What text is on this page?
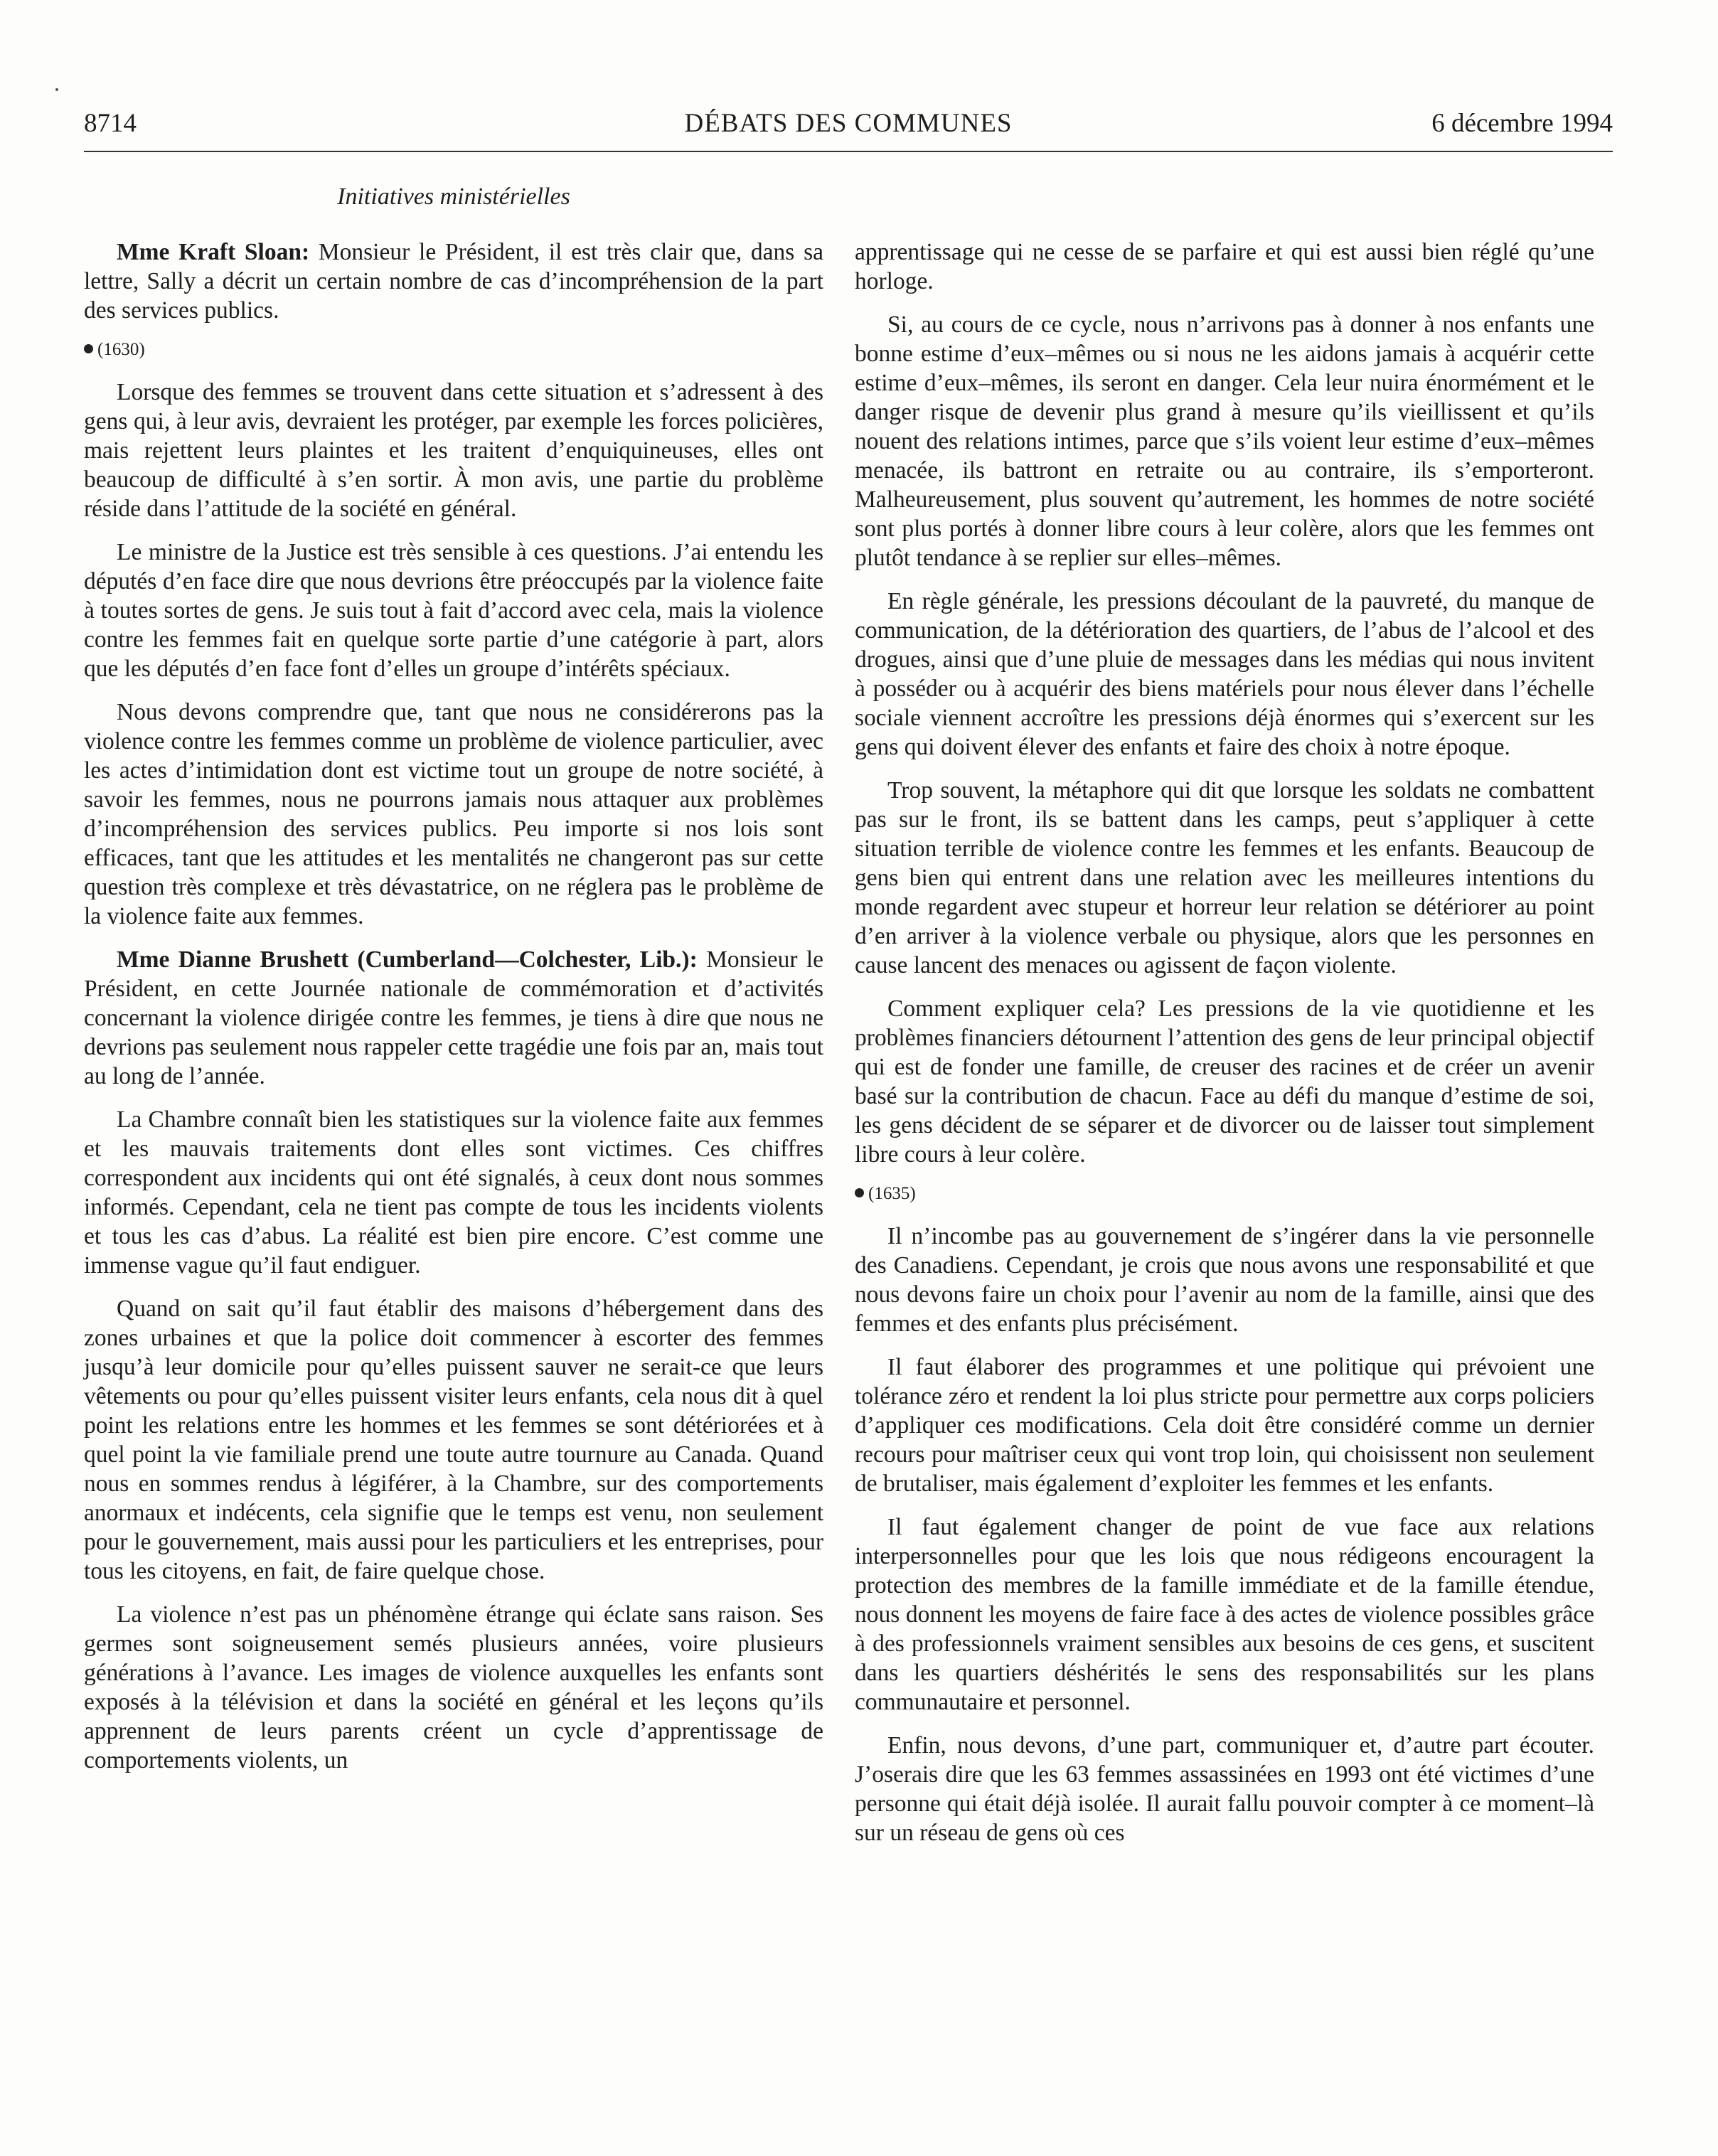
8714	DÉBATS DES COMMUNES	6 décembre 1994
Initiatives ministérielles

Mme Kraft Sloan: Monsieur le Président, il est très clair que, dans sa lettre, Sally a décrit un certain nombre de cas d’incompréhension de la part des services publics.

(1630)

Lorsque des femmes se trouvent dans cette situation et s’adressent à des gens qui, à leur avis, devraient les protéger, par exemple les forces policières, mais rejettent leurs plaintes et les traitent d’enquiquineuses, elles ont beaucoup de difficulté à s’en sortir. À mon avis, une partie du problème réside dans l’attitude de la société en général.

Le ministre de la Justice est très sensible à ces questions. J’ai entendu les députés d’en face dire que nous devrions être préoccupés par la violence faite à toutes sortes de gens. Je suis tout à fait d’accord avec cela, mais la violence contre les femmes fait en quelque sorte partie d’une catégorie à part, alors que les députés d’en face font d’elles un groupe d’intérêts spéciaux.

Nous devons comprendre que, tant que nous ne considérerons pas la violence contre les femmes comme un problème de violence particulier, avec les actes d’intimidation dont est victime tout un groupe de notre société, à savoir les femmes, nous ne pourrons jamais nous attaquer aux problèmes d’incompréhension des services publics. Peu importe si nos lois sont efficaces, tant que les attitudes et les mentalités ne changeront pas sur cette question très complexe et très dévastatrice, on ne réglera pas le problème de la violence faite aux femmes.

Mme Dianne Brushett (Cumberland—Colchester, Lib.): Monsieur le Président, en cette Journée nationale de commémoration et d’activités concernant la violence dirigée contre les femmes, je tiens à dire que nous ne devrions pas seulement nous rappeler cette tragédie une fois par an, mais tout au long de l’année.

La Chambre connaît bien les statistiques sur la violence faite aux femmes et les mauvais traitements dont elles sont victimes. Ces chiffres correspondent aux incidents qui ont été signalés, à ceux dont nous sommes informés. Cependant, cela ne tient pas compte de tous les incidents violents et tous les cas d’abus. La réalité est bien pire encore. C’est comme une immense vague qu’il faut endiguer.

Quand on sait qu’il faut établir des maisons d’hébergement dans des zones urbaines et que la police doit commencer à escorter des femmes jusqu’à leur domicile pour qu’elles puissent sauver ne serait-ce que leurs vêtements ou pour qu’elles puissent visiter leurs enfants, cela nous dit à quel point les relations entre les hommes et les femmes se sont détériorées et à quel point la vie familiale prend une toute autre tournure au Canada. Quand nous en sommes rendus à légiférer, à la Chambre, sur des comportements anormaux et indécents, cela signifie que le temps est venu, non seulement pour le gouvernement, mais aussi pour les particuliers et les entreprises, pour tous les citoyens, en fait, de faire quelque chose.

La violence n’est pas un phénomène étrange qui éclate sans raison. Ses germes sont soigneusement semés plusieurs années, voire plusieurs générations à l’avance. Les images de violence auxquelles les enfants sont exposés à la télévision et dans la société en général et les leçons qu’ils apprennent de leurs parents créent un cycle d’apprentissage de comportements violents, un

apprentissage qui ne cesse de se parfaire et qui est aussi bien réglé qu’une horloge.

Si, au cours de ce cycle, nous n’arrivons pas à donner à nos enfants une bonne estime d’eux–mêmes ou si nous ne les aidons jamais à acquérir cette estime d’eux–mêmes, ils seront en danger. Cela leur nuira énormément et le danger risque de devenir plus grand à mesure qu’ils vieillissent et qu’ils nouent des relations intimes, parce que s’ils voient leur estime d’eux–mêmes menacée, ils battront en retraite ou au contraire, ils s’emporteront. Malheureusement, plus souvent qu’autrement, les hommes de notre société sont plus portés à donner libre cours à leur colère, alors que les femmes ont plutôt tendance à se replier sur elles–mêmes.

En règle générale, les pressions découlant de la pauvreté, du manque de communication, de la détérioration des quartiers, de l’abus de l’alcool et des drogues, ainsi que d’une pluie de messages dans les médias qui nous invitent à posséder ou à acquérir des biens matériels pour nous élever dans l’échelle sociale viennent accroître les pressions déjà énormes qui s’exercent sur les gens qui doivent élever des enfants et faire des choix à notre époque.

Trop souvent, la métaphore qui dit que lorsque les soldats ne combattent pas sur le front, ils se battent dans les camps, peut s’appliquer à cette situation terrible de violence contre les femmes et les enfants. Beaucoup de gens bien qui entrent dans une relation avec les meilleures intentions du monde regardent avec stupeur et horreur leur relation se détériorer au point d’en arriver à la violence verbale ou physique, alors que les personnes en cause lancent des menaces ou agissent de façon violente.

Comment expliquer cela? Les pressions de la vie quotidienne et les problèmes financiers détournent l’attention des gens de leur principal objectif qui est de fonder une famille, de creuser des racines et de créer un avenir basé sur la contribution de chacun. Face au défi du manque d’estime de soi, les gens décident de se séparer et de divorcer ou de laisser tout simplement libre cours à leur colère.

(1635)

Il n’incombe pas au gouvernement de s’ingérer dans la vie personnelle des Canadiens. Cependant, je crois que nous avons une responsabilité et que nous devons faire un choix pour l’avenir au nom de la famille, ainsi que des femmes et des enfants plus précisément.

Il faut élaborer des programmes et une politique qui prévoient une tolérance zéro et rendent la loi plus stricte pour permettre aux corps policiers d’appliquer ces modifications. Cela doit être considéré comme un dernier recours pour maîtriser ceux qui vont trop loin, qui choisissent non seulement de brutaliser, mais également d’exploiter les femmes et les enfants.

Il faut également changer de point de vue face aux relations interpersonnelles pour que les lois que nous rédigeons encouragent la protection des membres de la famille immédiate et de la famille étendue, nous donnent les moyens de faire face à des actes de violence possibles grâce à des professionnels vraiment sensibles aux besoins de ces gens, et suscitent dans les quartiers déshérités le sens des responsabilités sur les plans communautaire et personnel.

Enfin, nous devons, d’une part, communiquer et, d’autre part écouter. J’oserais dire que les 63 femmes assassinées en 1993 ont été victimes d’une personne qui était déjà isolée. Il aurait fallu pouvoir compter à ce moment–là sur un réseau de gens où ces
